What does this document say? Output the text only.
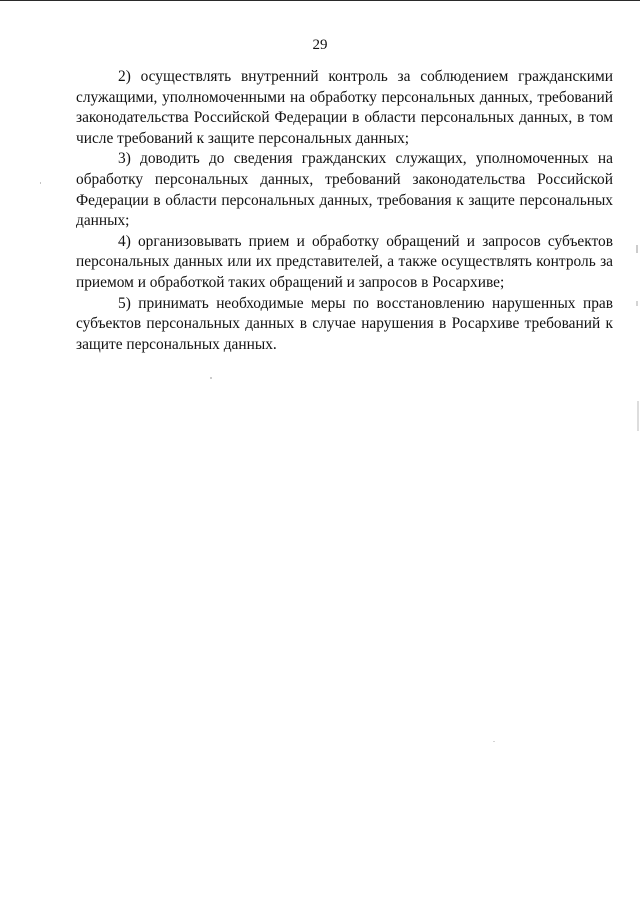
29

2) осуществлять внутренний контроль за соблюдением гражданскими служащими, уполномоченными на обработку персональных данных, требований законодательства Российской Федерации в области персональных данных, в том числе требований к защите персональных данных;

3) доводить до сведения гражданских служащих, уполномоченных на обработку персональных данных, требований законодательства Российской Федерации в области персональных данных, требования к защите персональных данных;

4) организовывать прием и обработку обращений и запросов субъектов персональных данных или их представителей, а также осуществлять контроль за приемом и обработкой таких обращений и запросов в Росархиве;

5) принимать необходимые меры по восстановлению нарушенных прав субъектов персональных данных в случае нарушения в Росархиве требований к защите персональных данных.
